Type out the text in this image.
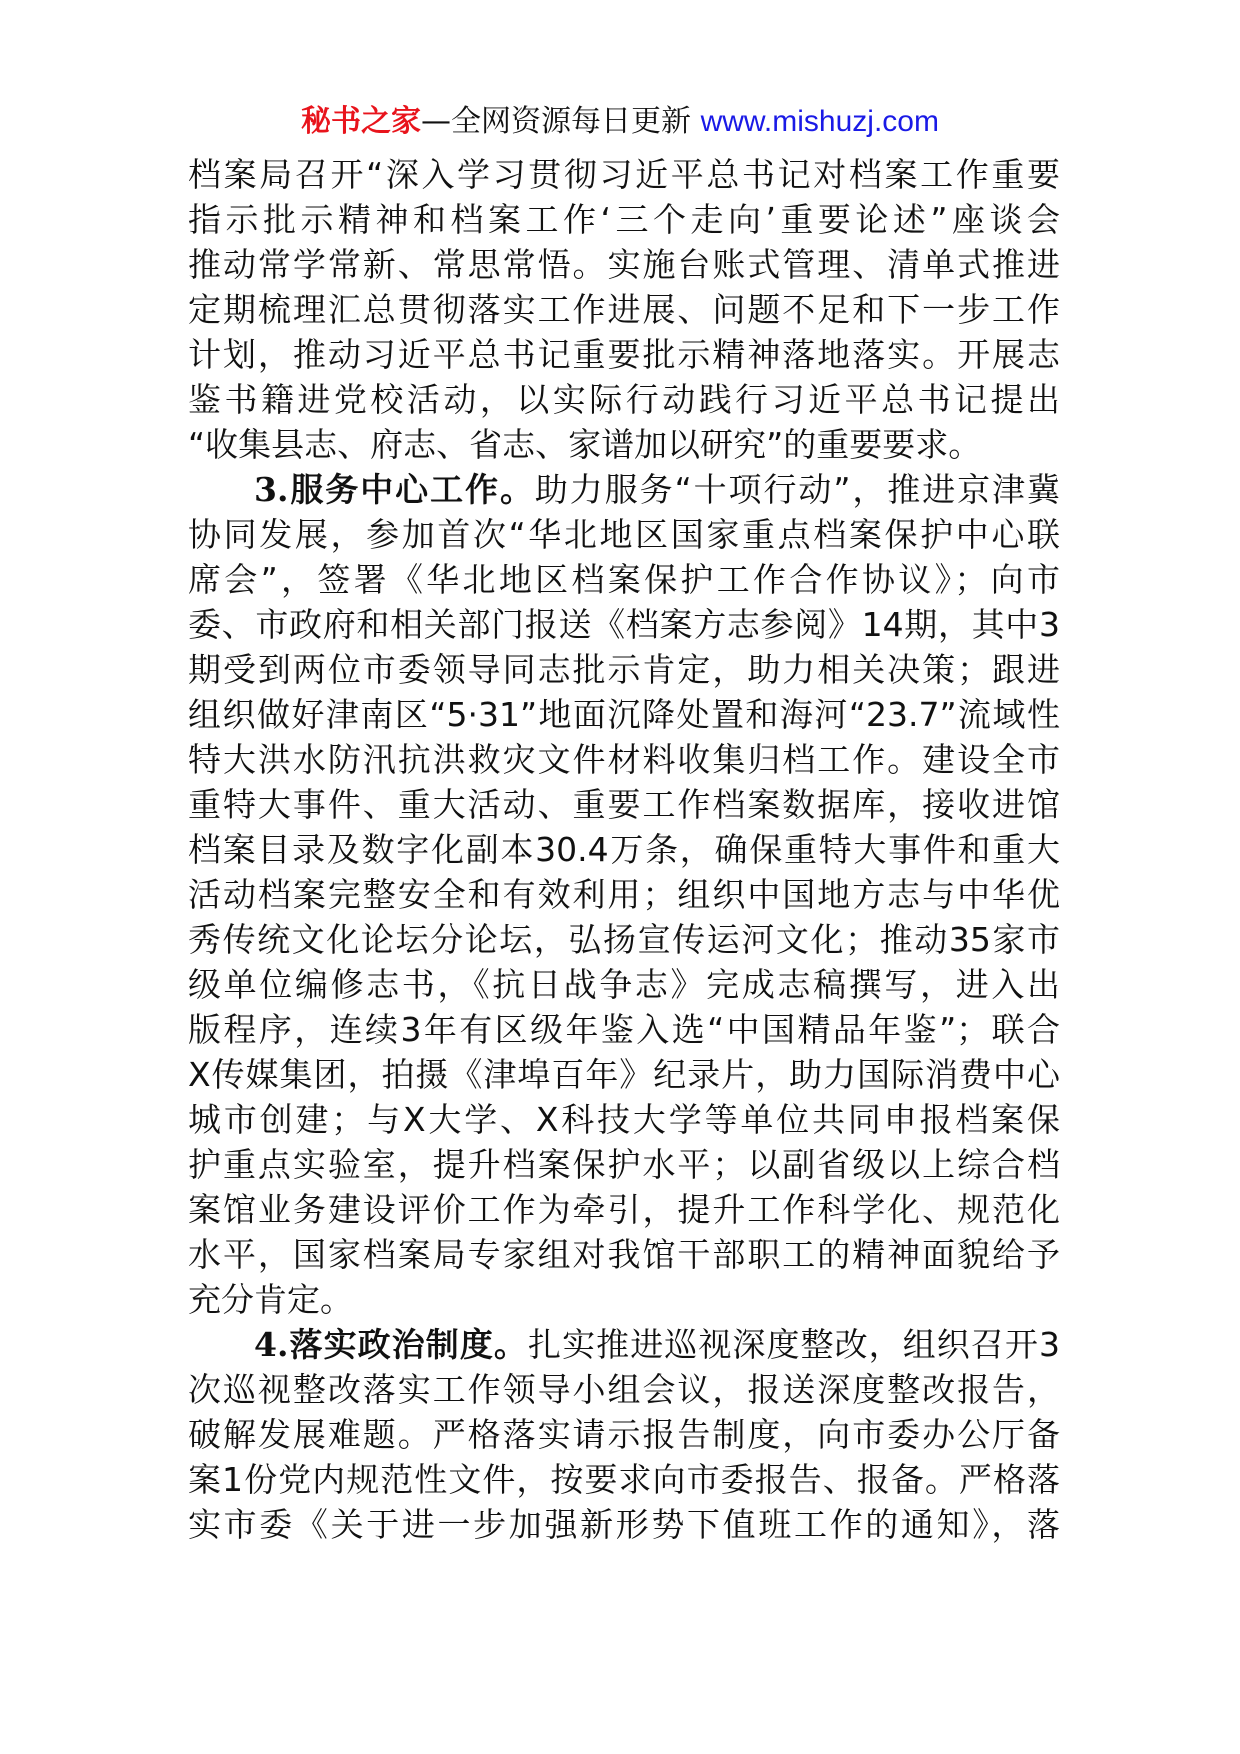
秘书之家—全网资源每日更新 www.mishuzj.com
档案局召开“深入学习贯彻习近平总书记对档案工作重要
指示批示精神和档案工作‘三个走向’重要论述”座谈会
推动常学常新、常思常悟。实施台账式管理、清单式推进
定期梳理汇总贯彻落实工作进展、问题不足和下一步工作
计划，推动习近平总书记重要批示精神落地落实。开展志
鉴书籍进党校活动，以实际行动践行习近平总书记提出
“收集县志、府志、省志、家谱加以研究”的重要要求。
3.服务中心工作。助力服务“十项行动”，推进京津冀
协同发展，参加首次“华北地区国家重点档案保护中心联
席会”，签署《华北地区档案保护工作合作协议》；向市
委、市政府和相关部门报送《档案方志参阅》14期，其中3
期受到两位市委领导同志批示肯定，助力相关决策；跟进
组织做好津南区“5·31”地面沉降处置和海河“23.7”流域性
特大洪水防汛抗洪救灾文件材料收集归档工作。建设全市
重特大事件、重大活动、重要工作档案数据库，接收进馆
档案目录及数字化副本30.4万条，确保重特大事件和重大
活动档案完整安全和有效利用；组织中国地方志与中华优
秀传统文化论坛分论坛，弘扬宣传运河文化；推动35家市
级单位编修志书，《抗日战争志》完成志稿撰写，进入出
版程序，连续3年有区级年鉴入选“中国精品年鉴”；联合
X传媒集团，拍摄《津埠百年》纪录片，助力国际消费中心
城市创建；与X大学、X科技大学等单位共同申报档案保
护重点实验室，提升档案保护水平；以副省级以上综合档
案馆业务建设评价工作为牵引，提升工作科学化、规范化
水平，国家档案局专家组对我馆干部职工的精神面貌给予
充分肯定。
4.落实政治制度。扎实推进巡视深度整改，组织召开3
次巡视整改落实工作领导小组会议，报送深度整改报告，
破解发展难题。严格落实请示报告制度，向市委办公厅备
案1份党内规范性文件，按要求向市委报告、报备。严格落
实市委《关于进一步加强新形势下值班工作的通知》，落
